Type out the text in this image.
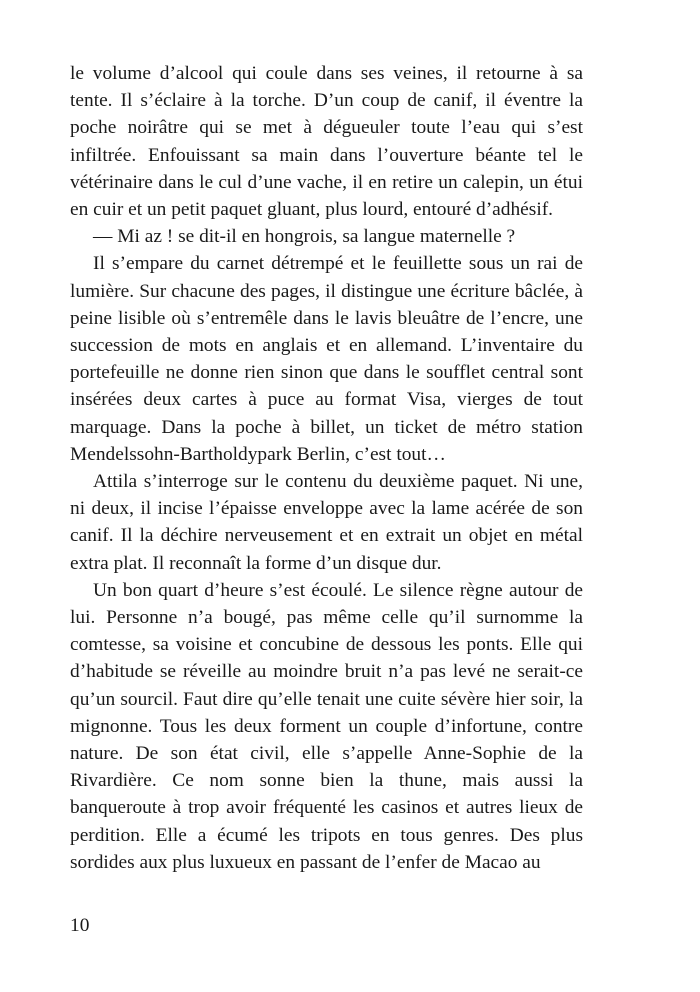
le volume d’alcool qui coule dans ses veines, il retourne à sa tente. Il s’éclaire à la torche. D’un coup de canif, il éventre la poche noirâtre qui se met à dégueuler toute l’eau qui s’est infiltrée. Enfouissant sa main dans l’ouverture béante tel le vétérinaire dans le cul d’une vache, il en retire un calepin, un étui en cuir et un petit paquet gluant, plus lourd, entouré d’adhésif.

— Mi az ! se dit-il en hongrois, sa langue maternelle ?

Il s’empare du carnet détrempé et le feuillette sous un rai de lumière. Sur chacune des pages, il distingue une écriture bâclée, à peine lisible où s’entremêle dans le lavis bleuâtre de l’encre, une succession de mots en anglais et en allemand. L’inventaire du portefeuille ne donne rien sinon que dans le soufflet central sont insérées deux cartes à puce au format Visa, vierges de tout marquage. Dans la poche à billet, un ticket de métro station Mendelssohn-Bartholdypark Berlin, c’est tout…

Attila s’interroge sur le contenu du deuxième paquet. Ni une, ni deux, il incise l’épaisse enveloppe avec la lame acérée de son canif. Il la déchire nerveusement et en extrait un objet en métal extra plat. Il reconnaît la forme d’un disque dur.

Un bon quart d’heure s’est écoulé. Le silence règne autour de lui. Personne n’a bougé, pas même celle qu’il surnomme la comtesse, sa voisine et concubine de dessous les ponts. Elle qui d’habitude se réveille au moindre bruit n’a pas levé ne serait-ce qu’un sourcil. Faut dire qu’elle tenait une cuite sévère hier soir, la mignonne. Tous les deux forment un couple d’infortune, contre nature. De son état civil, elle s’appelle Anne-Sophie de la Rivardière. Ce nom sonne bien la thune, mais aussi la banqueroute à trop avoir fréquenté les casinos et autres lieux de perdition. Elle a écumé les tripots en tous genres. Des plus sordides aux plus luxueux en passant de l’enfer de Macao au

10
